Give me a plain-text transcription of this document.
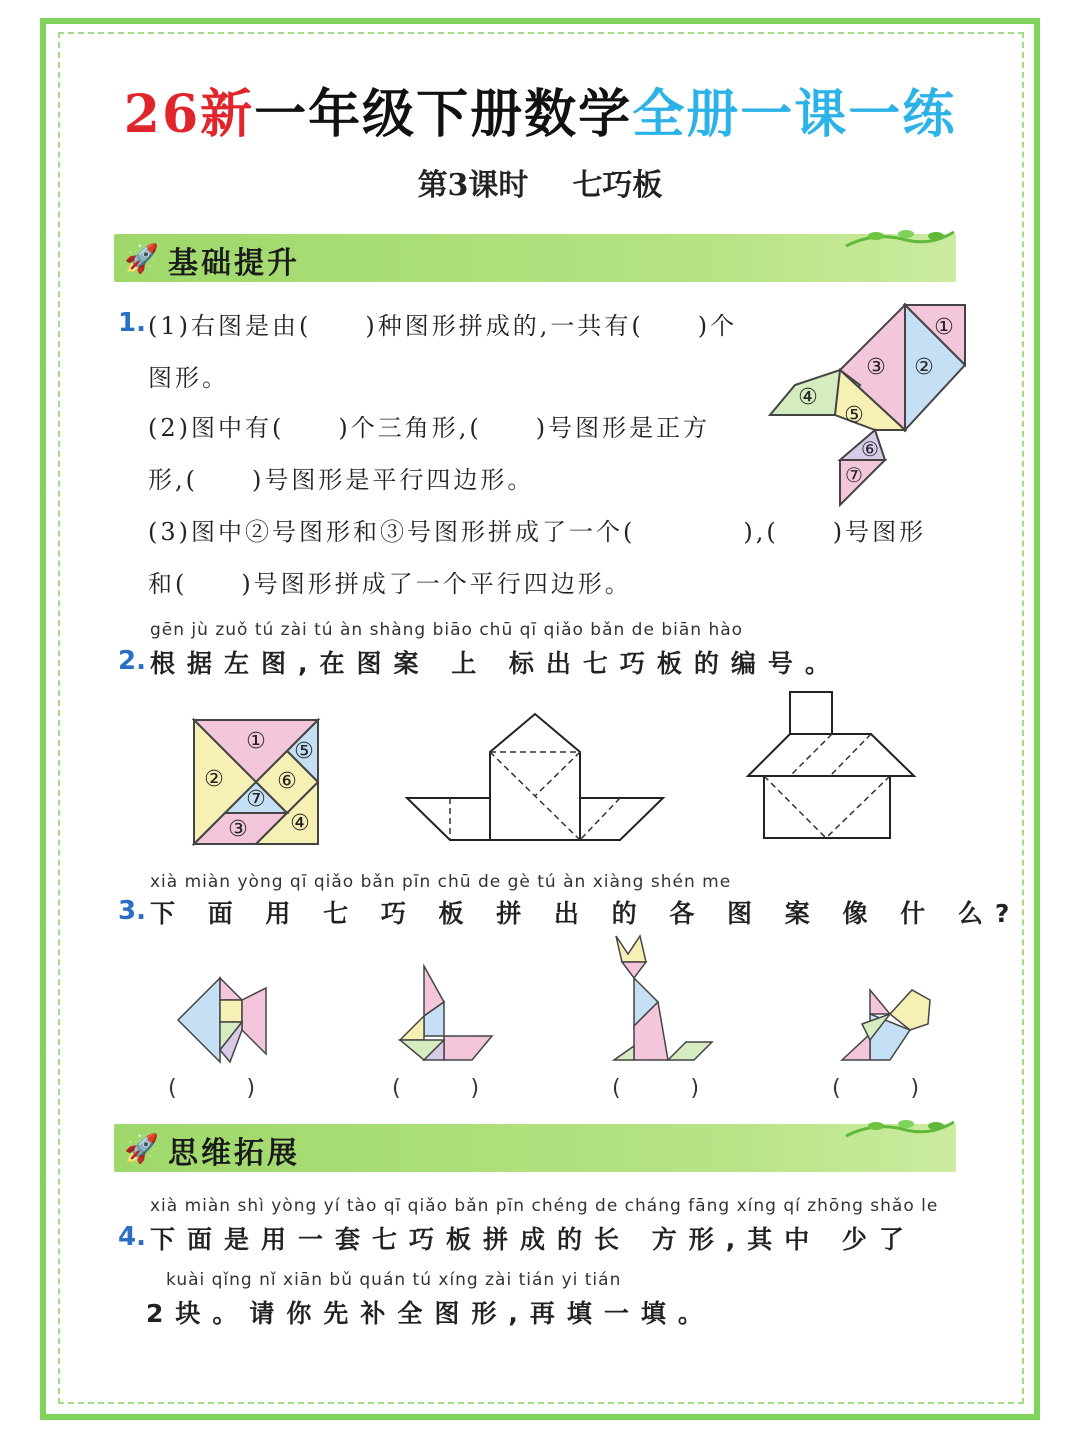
26新一年级下册数学全册一课一练
第3课时 七巧板
🚀 基础提升
1. (1)右图是由(　　)种图形拼成的,一共有(　　)个
图形。
(2)图中有(　　)个三角形,(　　)号图形是正方
形,(　　)号图形是平行四边形。
(3)图中②号图形和③号图形拼成了一个(　　　　),(　　)号图形
和(　　)号图形拼成了一个平行四边形。
①
②
③
④
⑤
⑥
⑦
gēn jù zuǒ tú zài tú àn shàng biāo chū qī qiǎo bǎn de biān hào
2. 根据左图,在图案 上 标出七巧板的编号。
①
②
③ ④
⑤
⑥
⑦
xià miàn yòng qī qiǎo bǎn pīn chū de gè tú àn xiàng shén me
3. 下 面 用 七 巧 板 拼 出 的 各 图 案 像 什 么?
(          )	(          )	(          )	(          )
🚀 思维拓展
xià miàn shì yòng yí tào qī qiǎo bǎn pīn chéng de cháng fāng xíng qí zhōng shǎo le
4. 下面是用一套七巧板拼成的长 方形,其中 少了
kuài qǐng nǐ xiān bǔ quán tú xíng zài tián yi tián
2块。请你先补全图形,再填一填。
